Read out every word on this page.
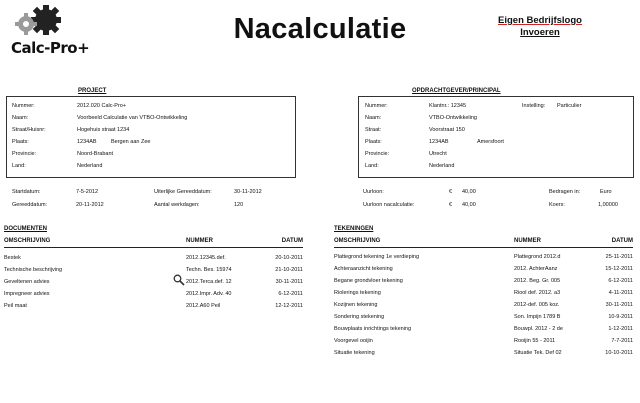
Calc-Pro+
Nacalculatie	Eigen Bedrijfslogo
Invoeren
PROJECT	OPDRACHTGEVER/PRINCIPAL
Nummer:	2012.020 Calc-Pro+
Naam:	Voorbeeld Calculatie van VTBO-Ontwikkeling
Straat/Huisnr:	Hogehuis straat 1234
Plaats:	1234AB	Bergen aan Zee
Provincie:	Noord-Brabant
Land:	Nederland
Nummer:	Klantnr.: 12345	Instelling: Particulier
Naam:	VTBO-Ontwikkeling
Straat:	Voorstraat 150
Plaats:	1234AB	Amersfoort
Provincie:	Utrecht
Land:	Nederland
Startdatum:	7-5-2012	Uiterlijke Gereeddatum:	30-11-2012
Gereeddatum:	20-11-2012	Aantal werkdagen:	120
Uurloon:	€ 40,00	Bedragen in:	Euro
Uurloon nacalculatie:	€ 40,00	Koers:	1,00000
DOCUMENTEN
OMSCHRIJVING	NUMMER	DATUM
Bestek	2012.12345.def.	20-10-2011
Technische beschrijving	Techn. Bes. 15974	21-10-2011
Geveltenen advies	2012.Terca.def. 12	30-11-2011
Impregneer advies	2012.Impr. Adv. 40	6-12-2011
Peil maat	2012.A60 Peil	12-12-2011
TEKENINGEN
OMSCHRIJVING	NUMMER	DATUM
Plattegrond tekening 1e verdieping	Plattegrond 2012.d	25-11-2011
Achteraanzicht tekening	2012. AchterAanz	15-12-2011
Begane grondvloer tekening	2012. Beg. Gr. 005	6-12-2011
Riolerings tekening	Riool def. 2012. a3	4-11-2011
Kozijnen tekening	2012-def. 005 koz.	30-11-2011
Sondering stekening	Son. Impijn 1789 B	10-9-2011
Bouwplaats inrichtings tekening	Bouwpl. 2012 - 2 de	1-12-2011
Voorgevel ooijin	Rooijin 55 - 2011	7-7-2011
Situatie tekening	Situatie Tek. Def 02	10-10-2011
